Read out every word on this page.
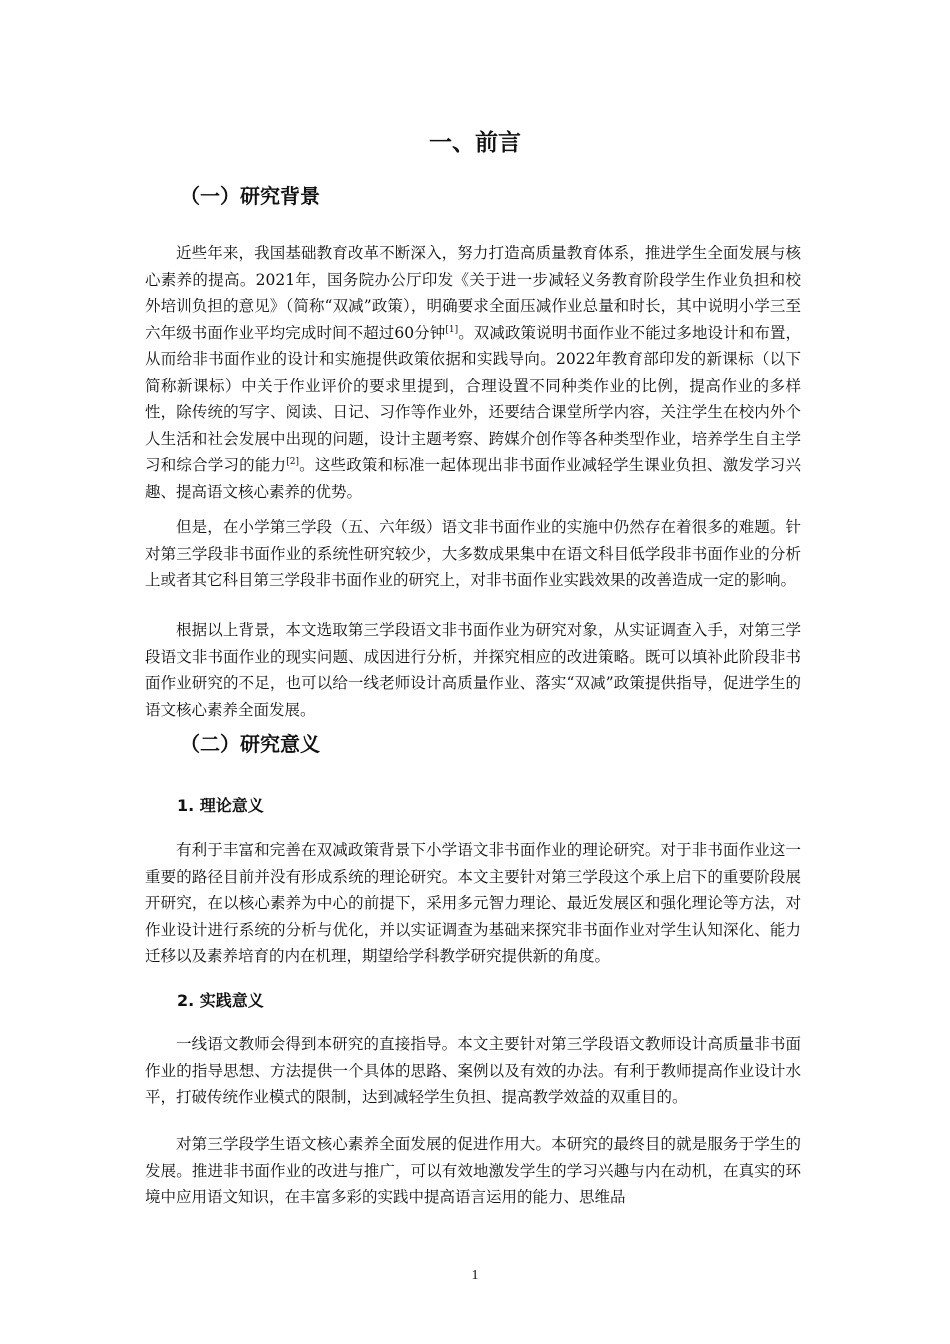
一、前言
（一）研究背景

近些年来，我国基础教育改革不断深入，努力打造高质量教育体系，推进学生全面发展与核心素养的提高。2021年，国务院办公厅印发《关于进一步减轻义务教育阶段学生作业负担和校外培训负担的意见》（简称“双减”政策），明确要求全面压减作业总量和时长，其中说明小学三至六年级书面作业平均完成时间不超过60分钟[1]。双减政策说明书面作业不能过多地设计和布置，从而给非书面作业的设计和实施提供政策依据和实践导向。2022年教育部印发的新课标（以下简称新课标）中关于作业评价的要求里提到，合理设置不同种类作业的比例，提高作业的多样性，除传统的写字、阅读、日记、习作等作业外，还要结合课堂所学内容，关注学生在校内外个人生活和社会发展中出现的问题，设计主题考察、跨媒介创作等各种类型作业，培养学生自主学习和综合学习的能力[2]。这些政策和标准一起体现出非书面作业减轻学生课业负担、激发学习兴趣、提高语文核心素养的优势。

但是，在小学第三学段（五、六年级）语文非书面作业的实施中仍然存在着很多的难题。针对第三学段非书面作业的系统性研究较少，大多数成果集中在语文科目低学段非书面作业的分析上或者其它科目第三学段非书面作业的研究上，对非书面作业实践效果的改善造成一定的影响。

根据以上背景，本文选取第三学段语文非书面作业为研究对象，从实证调查入手，对第三学段语文非书面作业的现实问题、成因进行分析，并探究相应的改进策略。既可以填补此阶段非书面作业研究的不足，也可以给一线老师设计高质量作业、落实“双减”政策提供指导，促进学生的语文核心素养全面发展。

（二）研究意义
1. 理论意义

有利于丰富和完善在双减政策背景下小学语文非书面作业的理论研究。对于非书面作业这一重要的路径目前并没有形成系统的理论研究。本文主要针对第三学段这个承上启下的重要阶段展开研究，在以核心素养为中心的前提下，采用多元智力理论、最近发展区和强化理论等方法，对作业设计进行系统的分析与优化，并以实证调查为基础来探究非书面作业对学生认知深化、能力迁移以及素养培育的内在机理，期望给学科教学研究提供新的角度。

2. 实践意义

一线语文教师会得到本研究的直接指导。本文主要针对第三学段语文教师设计高质量非书面作业的指导思想、方法提供一个具体的思路、案例以及有效的办法。有利于教师提高作业设计水平，打破传统作业模式的限制，达到减轻学生负担、提高教学效益的双重目的。

对第三学段学生语文核心素养全面发展的促进作用大。本研究的最终目的就是服务于学生的发展。推进非书面作业的改进与推广，可以有效地激发学生的学习兴趣与内在动机，在真实的环境中应用语文知识，在丰富多彩的实践中提高语言运用的能力、思维品

1
